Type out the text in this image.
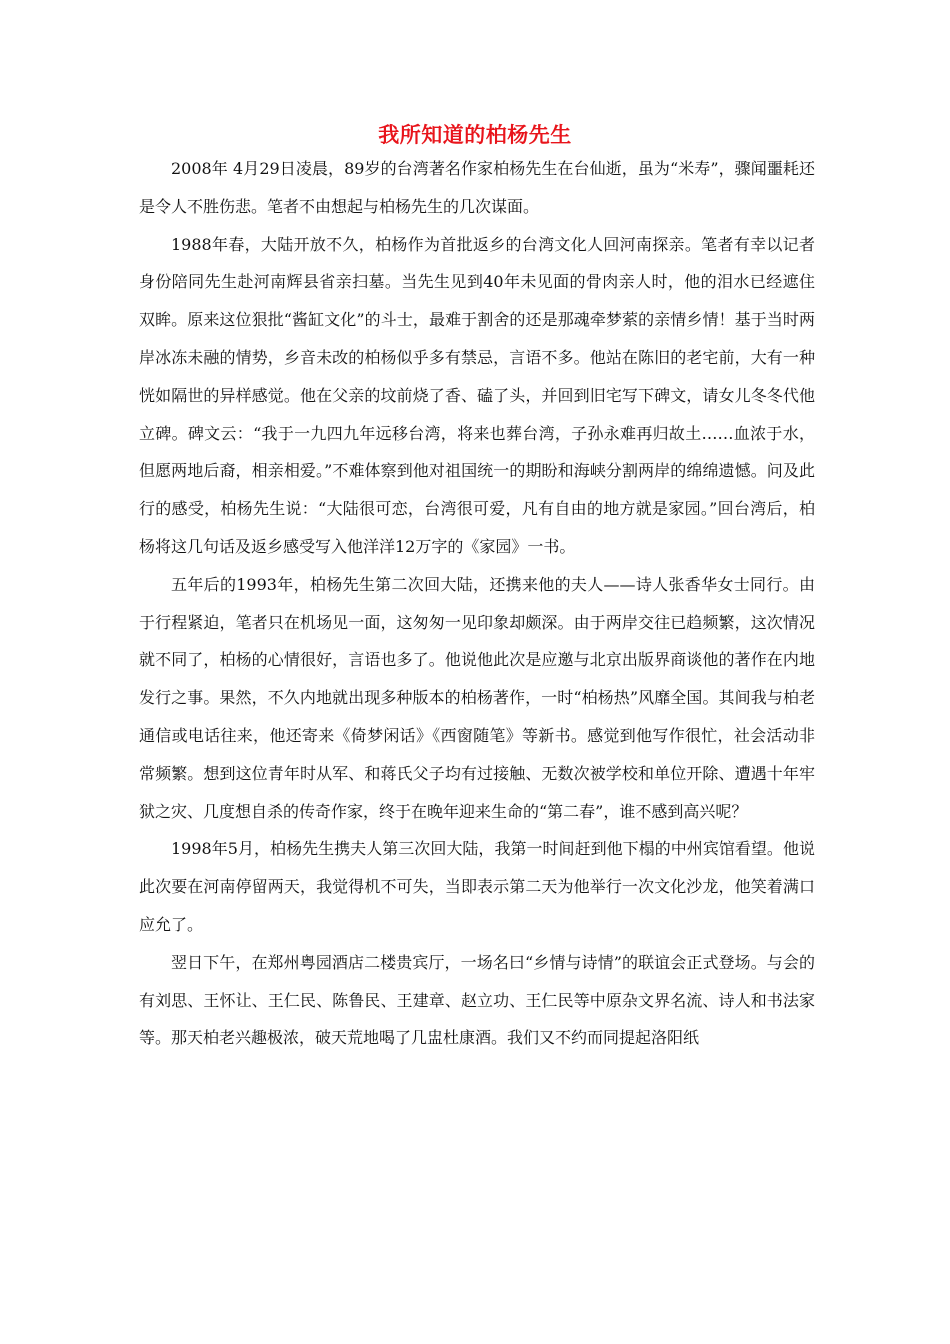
我所知道的柏杨先生

2008年 4月29日凌晨，89岁的台湾著名作家柏杨先生在台仙逝，虽为“米寿”，骤闻噩耗还是令人不胜伤悲。笔者不由想起与柏杨先生的几次谋面。

1988年春，大陆开放不久，柏杨作为首批返乡的台湾文化人回河南探亲。笔者有幸以记者身份陪同先生赴河南辉县省亲扫墓。当先生见到40年未见面的骨肉亲人时，他的泪水已经遮住双眸。原来这位狠批“酱缸文化”的斗士，最难于割舍的还是那魂牵梦萦的亲情乡情！基于当时两岸冰冻未融的情势，乡音未改的柏杨似乎多有禁忌，言语不多。他站在陈旧的老宅前，大有一种恍如隔世的异样感觉。他在父亲的坟前烧了香、磕了头，并回到旧宅写下碑文，请女儿冬冬代他立碑。碑文云：“我于一九四九年远移台湾，将来也葬台湾，子孙永难再归故土……血浓于水，但愿两地后裔，相亲相爱。”不难体察到他对祖国统一的期盼和海峡分割两岸的绵绵遗憾。问及此行的感受，柏杨先生说：“大陆很可恋，台湾很可爱，凡有自由的地方就是家园。”回台湾后，柏杨将这几句话及返乡感受写入他洋洋12万字的《家园》一书。

五年后的1993年，柏杨先生第二次回大陆，还携来他的夫人——诗人张香华女士同行。由于行程紧迫，笔者只在机场见一面，这匆匆一见印象却颇深。由于两岸交往已趋频繁，这次情况就不同了，柏杨的心情很好，言语也多了。他说他此次是应邀与北京出版界商谈他的著作在内地发行之事。果然，不久内地就出现多种版本的柏杨著作，一时“柏杨热”风靡全国。其间我与柏老通信或电话往来，他还寄来《倚梦闲话》《西窗随笔》等新书。感觉到他写作很忙，社会活动非常频繁。想到这位青年时从军、和蒋氏父子均有过接触、无数次被学校和单位开除、遭遇十年牢狱之灾、几度想自杀的传奇作家，终于在晚年迎来生命的“第二春”，谁不感到高兴呢？

1998年5月，柏杨先生携夫人第三次回大陆，我第一时间赶到他下榻的中州宾馆看望。他说此次要在河南停留两天，我觉得机不可失，当即表示第二天为他举行一次文化沙龙，他笑着满口应允了。

翌日下午，在郑州粤园酒店二楼贵宾厅，一场名曰“乡情与诗情”的联谊会正式登场。与会的有刘思、王怀让、王仁民、陈鲁民、王建章、赵立功、王仁民等中原杂文界名流、诗人和书法家等。那天柏老兴趣极浓，破天荒地喝了几盅杜康酒。我们又不约而同提起洛阳纸
